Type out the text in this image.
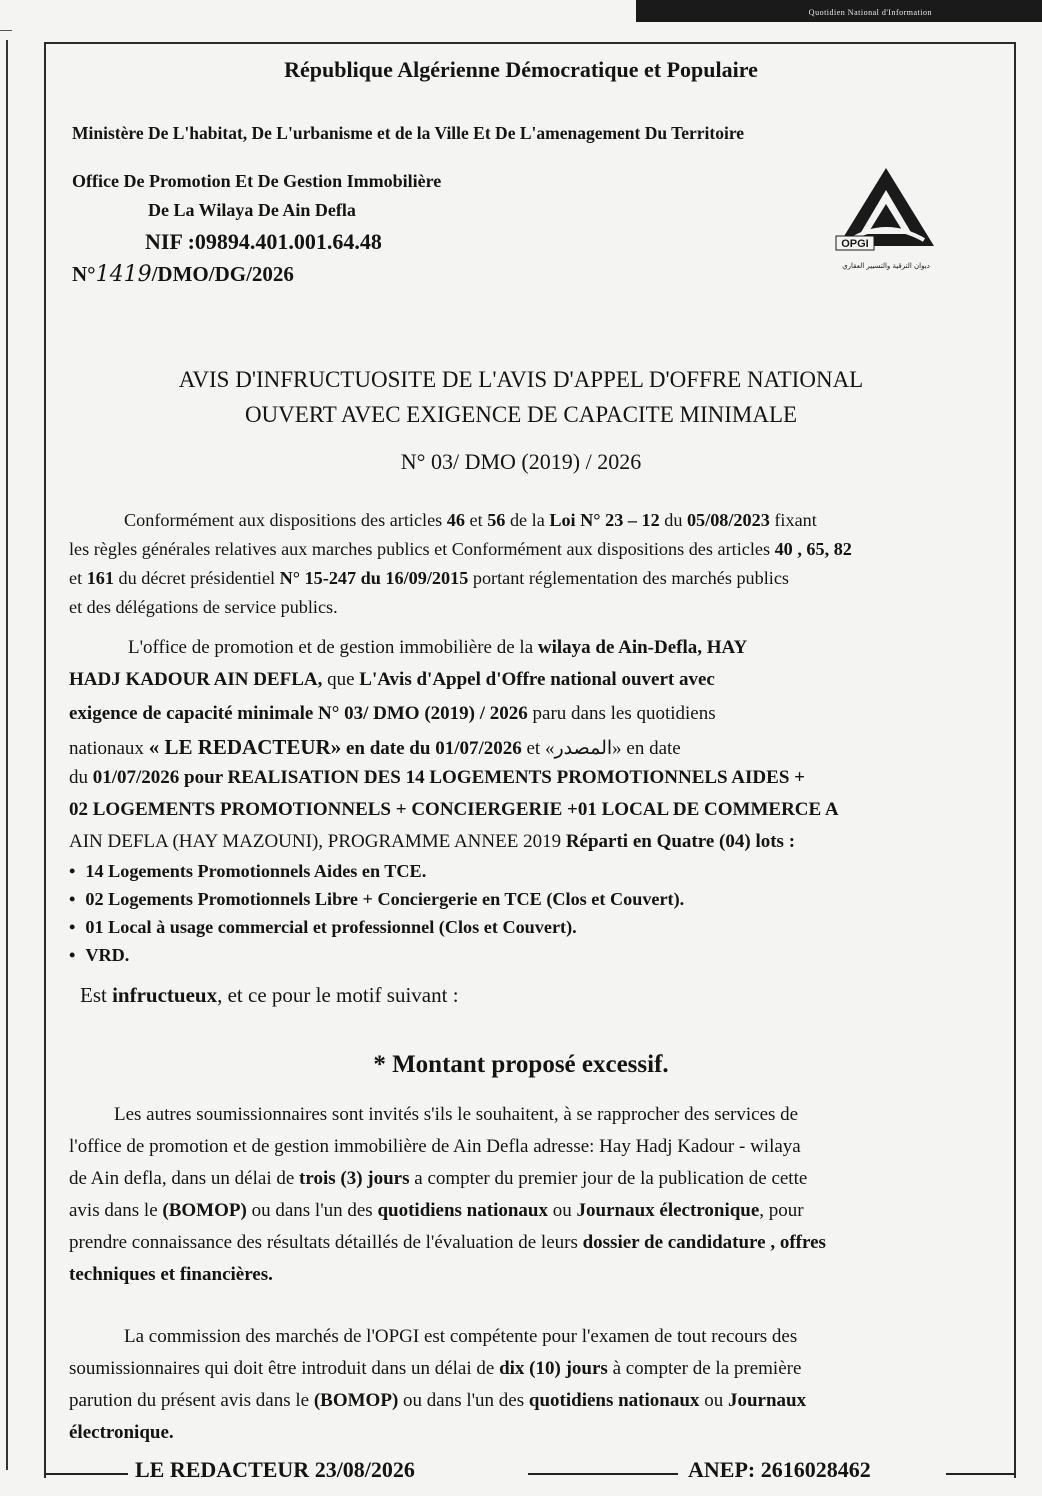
Quotidien National d'Information
République Algérienne Démocratique et Populaire
Ministère De L'habitat, De L'urbanisme et de la Ville Et De L'amenagement Du Territoire
Office De Promotion Et De Gestion Immobilière
De La Wilaya De Ain Defla
NIF :09894.401.001.64.48
N°1419/DMO/DG/2026
OPGI
ديوان الترقية والتسيير العقاري
AVIS D'INFRUCTUOSITE DE L'AVIS D'APPEL D'OFFRE NATIONAL
OUVERT AVEC EXIGENCE DE CAPACITE MINIMALE
N° 03/ DMO (2019) / 2026
Conformément aux dispositions des articles 46 et 56 de la Loi N° 23 – 12 du 05/08/2023 fixant
les règles générales relatives aux marches publics et Conformément aux dispositions des articles 40 , 65, 82
et 161 du décret présidentiel N° 15-247 du 16/09/2015 portant réglementation des marchés publics
et des délégations de service publics.
L'office de promotion et de gestion immobilière de la wilaya de Ain-Defla, HAY
HADJ KADOUR AIN DEFLA, que L'Avis d'Appel d'Offre national ouvert avec
exigence de capacité minimale N° 03/ DMO (2019) / 2026 paru dans les quotidiens
nationaux « LE REDACTEUR» en date du 01/07/2026 et «المصدر» en date
du 01/07/2026 pour REALISATION DES 14 LOGEMENTS PROMOTIONNELS AIDES +
02 LOGEMENTS PROMOTIONNELS + CONCIERGERIE +01 LOCAL DE COMMERCE A
AIN DEFLA (HAY MAZOUNI), PROGRAMME ANNEE 2019 Réparti en Quatre (04) lots :
• 14 Logements Promotionnels Aides en TCE.
• 02 Logements Promotionnels Libre + Conciergerie en TCE (Clos et Couvert).
• 01 Local à usage commercial et professionnel (Clos et Couvert).
• VRD.
Est infructueux, et ce pour le motif suivant :
* Montant proposé excessif.
Les autres soumissionnaires sont invités s'ils le souhaitent, à se rapprocher des services de
l'office de promotion et de gestion immobilière de Ain Defla adresse: Hay Hadj Kadour - wilaya
de Ain defla, dans un délai de trois (3) jours a compter du premier jour de la publication de cette
avis dans le (BOMOP) ou dans l'un des quotidiens nationaux ou Journaux électronique, pour
prendre connaissance des résultats détaillés de l'évaluation de leurs dossier de candidature , offres
techniques et financières.
La commission des marchés de l'OPGI est compétente pour l'examen de tout recours des
soumissionnaires qui doit être introduit dans un délai de dix (10) jours à compter de la première
parution du présent avis dans le (BOMOP) ou dans l'un des quotidiens nationaux ou Journaux
électronique.
LE REDACTEUR 23/08/2026	ANEP: 2616028462
